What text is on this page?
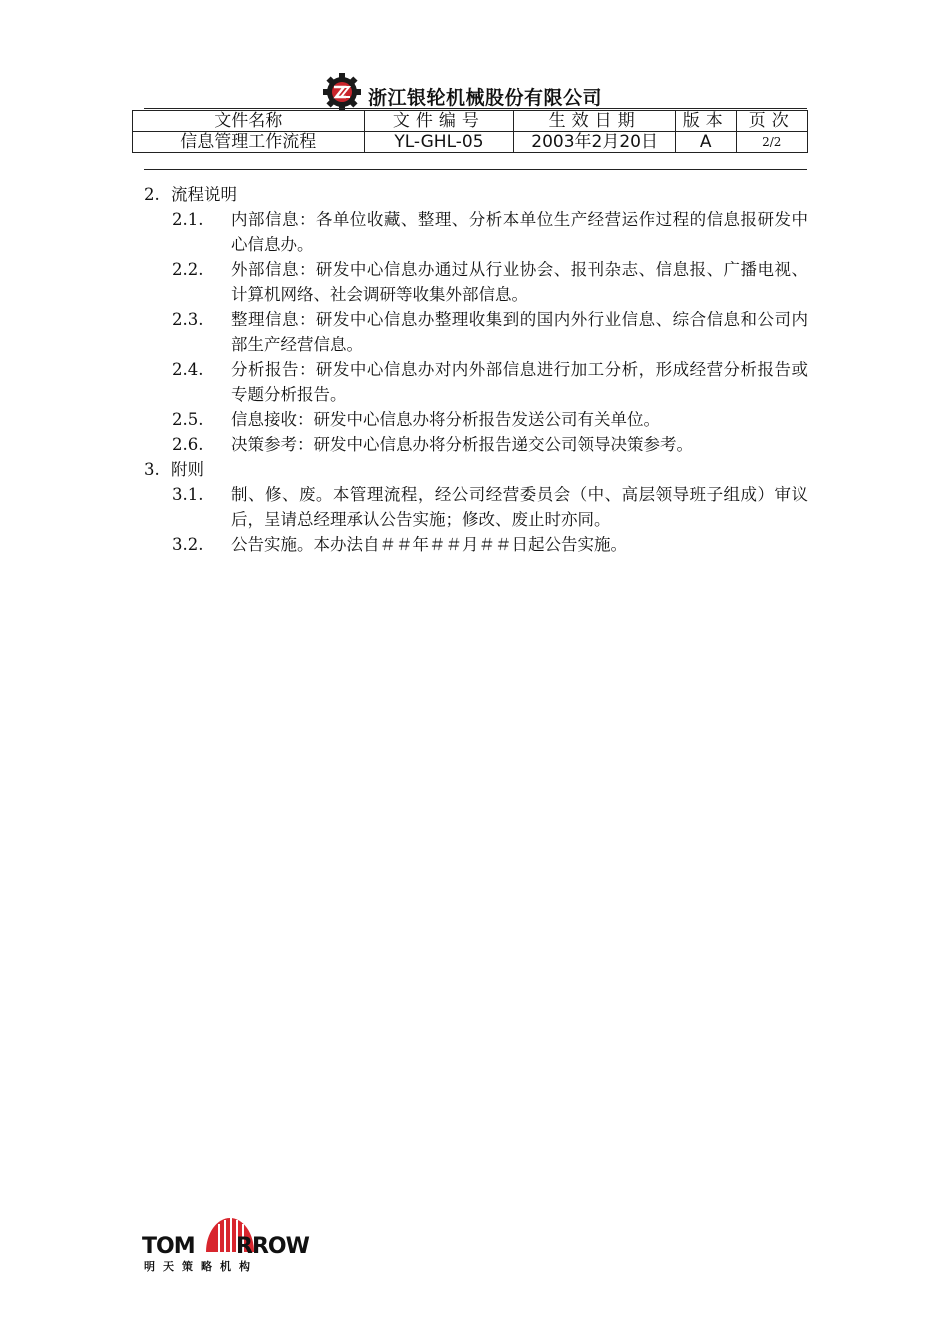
浙江银轮机械股份有限公司
文件名称	文件编号	生效日期	版本	页次
信息管理工作流程	YL-GHL-05	2003年2月20日	A	2/2
2. 流程说明
2.1.	内部信息：各单位收藏、整理、分析本单位生产经营运作过程的信息报研发中心信息办。
2.2.	外部信息：研发中心信息办通过从行业协会、报刊杂志、信息报、广播电视、计算机网络、社会调研等收集外部信息。
2.3.	整理信息：研发中心信息办整理收集到的国内外行业信息、综合信息和公司内部生产经营信息。
2.4.	分析报告：研发中心信息办对内外部信息进行加工分析，形成经营分析报告或专题分析报告。
2.5.	信息接收：研发中心信息办将分析报告发送公司有关单位。
2.6.	决策参考：研发中心信息办将分析报告递交公司领导决策参考。
3. 附则
3.1.	制、修、废。本管理流程，经公司经营委员会（中、高层领导班子组成）审议后，呈请总经理承认公告实施；修改、废止时亦同。
3.2.	公告实施。本办法自＃＃年＃＃月＃＃日起公告实施。
TOM RROW
明天策略机构
